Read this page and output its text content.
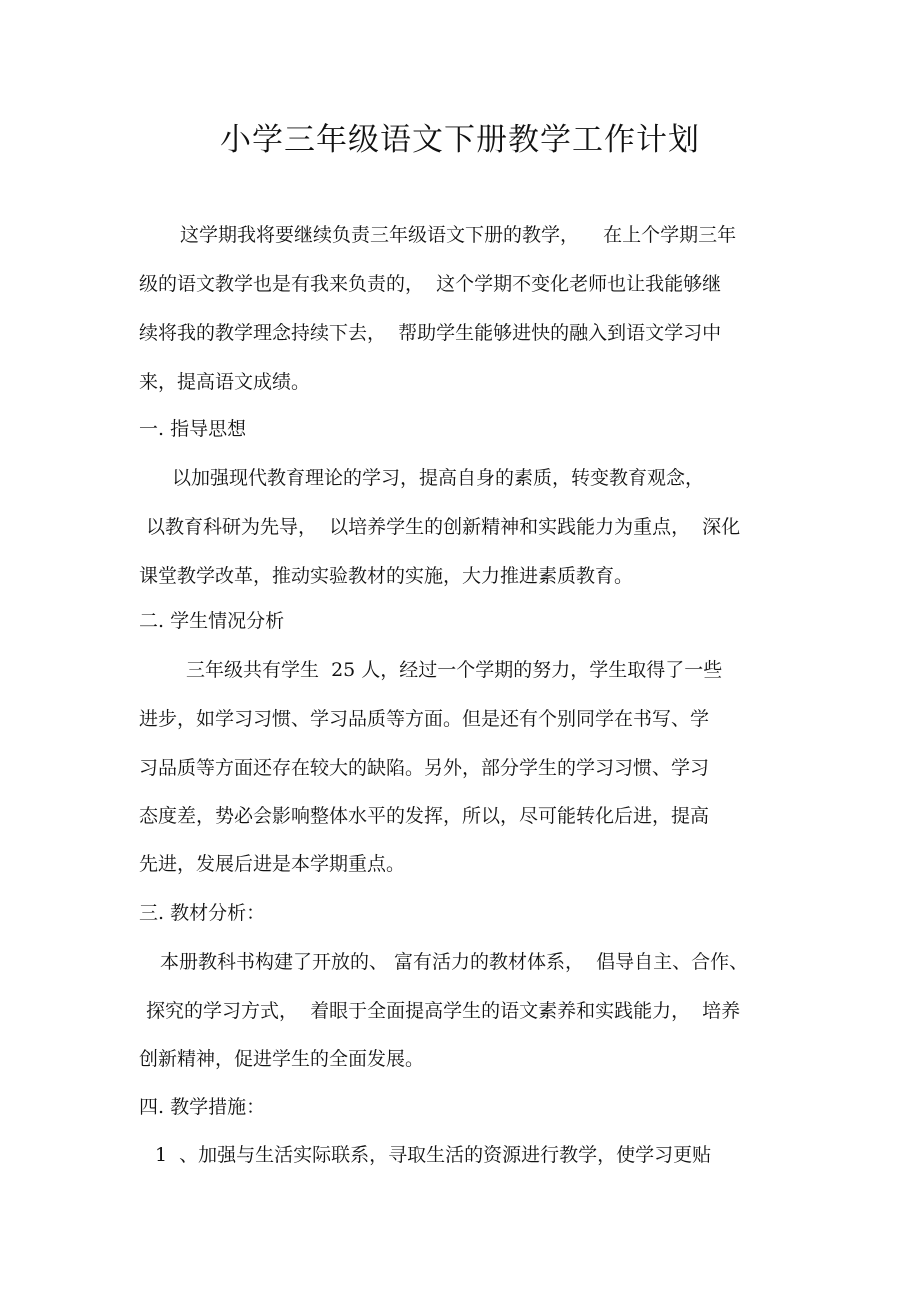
小学三年级语文下册教学工作计划
这学期我将要继续负责三年级语文下册的教学，    在上个学期三年
级的语文教学也是有我来负责的，  这个学期不变化老师也让我能够继
续将我的教学理念持续下去，  帮助学生能够进快的融入到语文学习中
来，提高语文成绩。
一. 指导思想
以加强现代教育理论的学习，提高自身的素质，转变教育观念，
以教育科研为先导，  以培养学生的创新精神和实践能力为重点，  深化
课堂教学改革，推动实验教材的实施，大力推进素质教育。
二. 学生情况分析
三年级共有学生  25 人，经过一个学期的努力，学生取得了一些
进步，如学习习惯、学习品质等方面。但是还有个别同学在书写、学
习品质等方面还存在较大的缺陷。另外，部分学生的学习习惯、学习
态度差，势必会影响整体水平的发挥，所以，尽可能转化后进，提高
先进，发展后进是本学期重点。
三. 教材分析：
本册教科书构建了开放的、 富有活力的教材体系，  倡导自主、合作、
探究的学习方式，  着眼于全面提高学生的语文素养和实践能力，  培养
创新精神，促进学生的全面发展。
四. 教学措施：
1  、加强与生活实际联系，寻取生活的资源进行教学，使学习更贴
